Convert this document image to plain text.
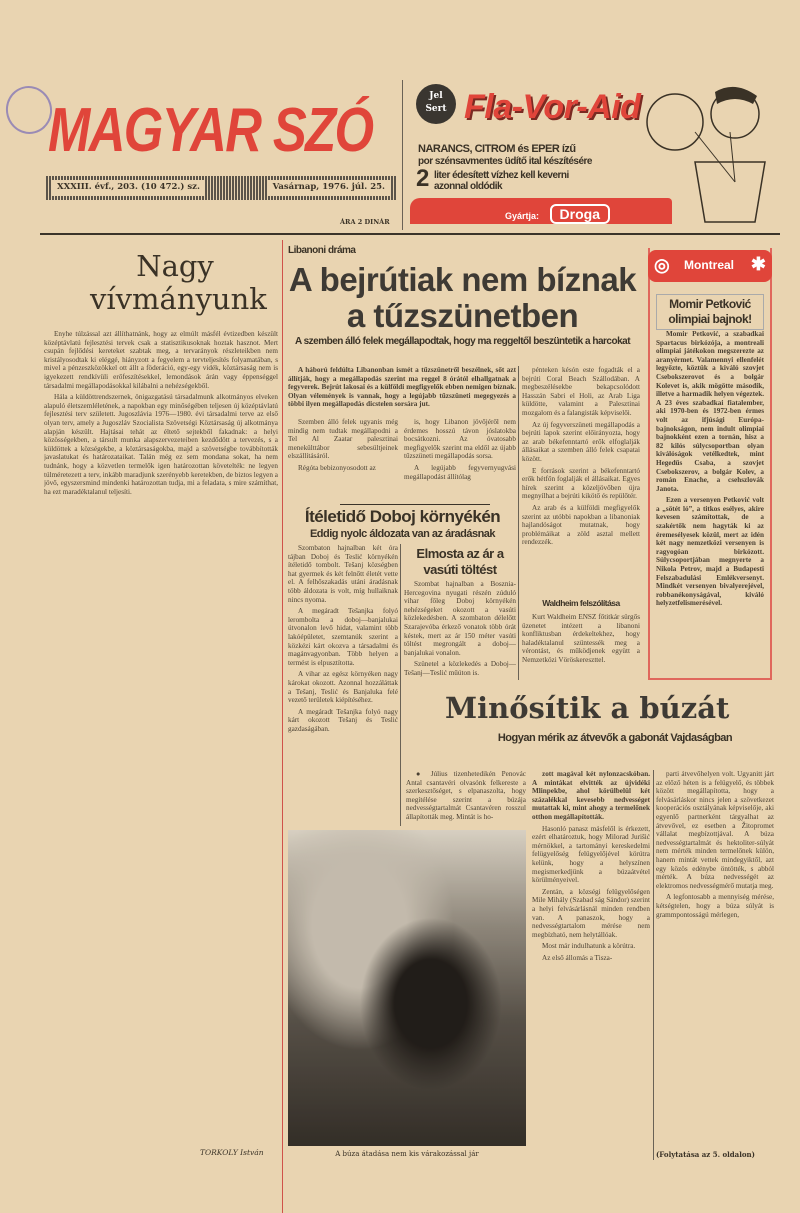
MAGYAR SZÓ
XXXIII. évf., 203. (10 472.) sz.	Vasárnap, 1976. júl. 25.
ÁRA 2 DINÁR
Jel
Sert Fla-Vor-Aid
NARANCS, CITROM és EPER ízű
por szénsavmentes üdítő ital készítésére
2 liter édesített vízhez kell keverni
azonnal oldódik
Gyártja: Droga
Nagy vívmányunk

Enyhe túlzással azt állíthatnánk, hogy az elmúlt másfél évtizedben készült középtávlatú fejlesztési tervek csak a statisztikusoknak hoztak hasznot. Mert csupán fejlődési kereteket szabtak meg, a tervarányok részleteikben nem kristályosodtak ki eléggé, hiányzott a fegyelem a tervteljesítés folyamatában, s mivel a pénzeszközökkel ott állt a föderáció, egy-egy vidék, köztársaság nem is igyekezett rendkívüli erőfeszítésekkel, lemondások árán vagy éppenséggel társadalmi megállapodásokkal kilábalni a nehézségekből.

Hála a küldöttrendszernek, önigazgatású társadalmunk alkotmányos elveken alapuló életszemléletének, a napokban egy minőségében teljesen új középtávlatú fejlesztési terv született. Jugoszlávia 1976—1980. évi társadalmi terve az első olyan terv, amely a Jugoszláv Szocialista Szövetségi Köztársaság új alkotmánya alapján készült. Hajtásai tehát az éltető sejtekből fakadnak: a helyi közösségekben, a társult munka alapszervezeteiben kezdődött a tervezés, s a küldöttek a községekbe, a köztársaságokba, majd a szövetségbe továbbították javaslatukat és határozataikat. Talán még ez sem mondana sokat, ha nem tudnánk, hogy a közvetlen termelők igen határozottan követelték: ne legyen túlméretezett a terv, inkább maradjunk szerényebb keretekben, de biztos legyen a jövő, egyszersmind mindenki határozottan tudja, mi a feladata, s mire számíthat, ha ezt maradéktalanul teljesíti.

TORKOLY István
Libanoni dráma
A bejrútiak nem bíznak
a tűzszünetben
A szemben álló felek megállapodtak, hogy ma reggeltől beszüntetik a harcokat

A háború feldúlta Libanonban ismét a tűzszünetről beszélnek, sőt azt állítják, hogy a megállapodás szerint ma reggel 8 órától elhallgatnak a fegyverek. Bejrút lakosai és a külföldi megfigyelők ebben nemigen bíznak. Olyan vélemények is vannak, hogy a legújabb tűzszüneti megegyezés a többi ilyen megállapodás dicstelen sorsára jut.

Szemben álló felek ugyanis még mindig nem tudtak megállapodni a Tel Al Zaatar palesztinai menekülttábor sebesültjeinek elszállításáról.

Régóta bebizonyosodott az

is, hogy Libanon jövőjéről nem érdemes hosszú távon jóslatokba bocsátkozni. Az óvatosabb megfigyelők szerint ma eldől az újabb tűzszüneti megállapodás sorsa.

A legújabb fegyvernyugvási megállapodást állítólag

pénteken késón este fogadták el a bejrúti Coral Beach Szállodában. A megbeszélésekbe bekapcsolódott Hasszán Sabri el Holi, az Arab Liga küldötte, valamint a Palesztinai mozgalom és a falangisták képviselői.

Az új fegyverszüneti megállapodás a bejrúti lapok szerint előirányozta, hogy az arab békefenntartó erők elfoglalják állásaikat a szemben álló felek csapatai között.

E források szerint a békefenntartó erők hétfőn foglalják el állásaikat. Egyes hírek szerint a közeljövőben újra megnyílhat a bejrúti kikötő és repülőtér.

Az arab és a külföldi megfigyelők szerint az utóbbi napokban a libanoniak hajlandóságot mutatnak, hogy problémáikat a zöld asztal mellett rendezzék.

Waldheim felszólítása

Kurt Waldheim ENSZ főtitkár sürgős üzenetet intézett a libanoni konfliktusban érdekeltekhez, hogy haladéktalanul szüntessék meg a vérontást, és működjenek együtt a Nemzetközi Vöröskereszttel.

Ítéletidő Doboj környékén
Eddig nyolc áldozata van az áradásnak

Szombaton hajnalban két óra tájban Doboj és Teslić környékén ítéletidő tombolt. Tešanj községben hat gyermek és két felnőtt életét vette el. A felhőszakadás utáni áradásnak több áldozata is volt, míg hullaiknak nincs nyoma.

A megáradt Tešanjka folyó lerombolta a doboj—banjalukai útvonalon levő hidat, valamint több lakóépületet, szemtanúk szerint a közkézi kárt okozva a társadalmi és magánvagyonban. Több helyen a termést is elpusztította.

A vihar az egész környéken nagy károkat okozott. Azonnal hozzáláttak a Tešanj, Teslić és Banjaluka felé vezető területek kiépítéséhez.

A megáradt Tešanjka folyó nagy kárt okozott Tešanj és Teslić gazdaságában.

Elmosta az ár a vasúti töltést

Szombat hajnalban a Bosznia-Hercegovina nyugati részén zúduló vihar főleg Doboj környékén nehézségeket okozott a vasúti közlekedésben. A szombaton délelőtt Szarajevóba érkező vonatok több órát késtek, mert az ár 150 méter vasúti töltést megrongált a doboj—banjalukai vonalon.

Szünetel a közlekedés a Doboj—Tešanj—Teslić műúton is.

◎ Montreal ✱
Momir Petković olimpiai bajnok!

Momir Petković, a szabadkai Spartacus birkózója, a montreali olimpiai játékokon megszerezte az aranyérmet. Valamennyi ellenfelét legyőzte, köztük a kiváló szovjet Csebokszerovot és a bolgár Kolevet is, akik mögötte második, illetve a harmadik helyen végeztek. A 23 éves szabadkai fiatalember, aki 1970-ben és 1972-ben érmes volt az ifjúsági Európa-bajnokságon, nem indult olimpiai bajnokként ezen a tornán, hisz a 82 kilós súlycsoportban olyan kiválóságok vetélkedtek, mint Hegedűs Csaba, a szovjet Csebokszerov, a bolgár Kolev, a román Enache, a csehszlovák Janota.

Ezen a versenyen Petković volt a „sötét ló”, a titkos esélyes, akire kevesen számítottak, de a szakértők nem hagyták ki az éremesélyesek közül, mert az idén két nagy nemzetközi versenyen is ragyogóan birkózott. Súlycsoportjában megnyerte a Nikola Petrov, majd a Budapesti Felszabadulási Emlékversenyt. Mindkét versenyen bivalyerejével, robbanékonyságával, kiváló helyzetfelismerésével.

Minősítik a búzát
Hogyan mérik az átvevők a gabonát Vajdaságban

● Július tizenhetedikén Penovác Antal csantavéri olvasónk felkereste a szerkesztőséget, s elpanaszolta, hogy megítélése szerint a búzája nedvességtartalmát Csantavéren rosszul állapították meg. Mintát is ho-

zott magával két nylonzacskóban. A mintákat elvitték az újvidéki Mlinpekbe, ahol körülbelül két százalékkal kevesebb nedvességet mutattak ki, mint ahogy a termelőnek otthon megállapították.

Hasonló panasz másfelől is érkezett, ezért elhatároztuk, hogy Milorad Jurišić mérnökkel, a tartományi kereskedelmi felügyelőség felügyelőjével körútra kelünk, hogy a helyszínen megismerkedjünk a búzaátvétel körülményeivel.

Zentán, a községi felügyelőségen Mile Mihály (Szabad ság Sándor) szerint a helyi felvásárlásnál minden rendben van. A panaszok, hogy a nedvességtartalom mérése nem megbízható, nem helytállóak.

Most már indulhatunk a körútra.

Az első állomás a Tisza-

parti átvevőhelyen volt. Ugyanitt járt az előző héten is a felügyelő, és többek között megállapította, hogy a felvásárláskor nincs jelen a szövetkezet kooperációs osztályának képviselője, aki egyenlő partnerként tárgyalhat az átvevővel, ez esetben a Žitopromet vállalat megbízottjával. A búza nedvességtartalmát és hektoliter-súlyát nem mérték minden termelőnek külön, hanem mintát vettek mindegyiktől, azt egy közös edénybe öntötték, s abból mérték. A búza nedvességét az elektromos nedvességmérő mutatja meg.

A legfontosabb a mennyiség mérése, kétségtelen, hogy a búza súlyát is grammpontosságú mérlegen,

A búza átadása nem kis várakozással jár	(Folytatása az 5. oldalon)
